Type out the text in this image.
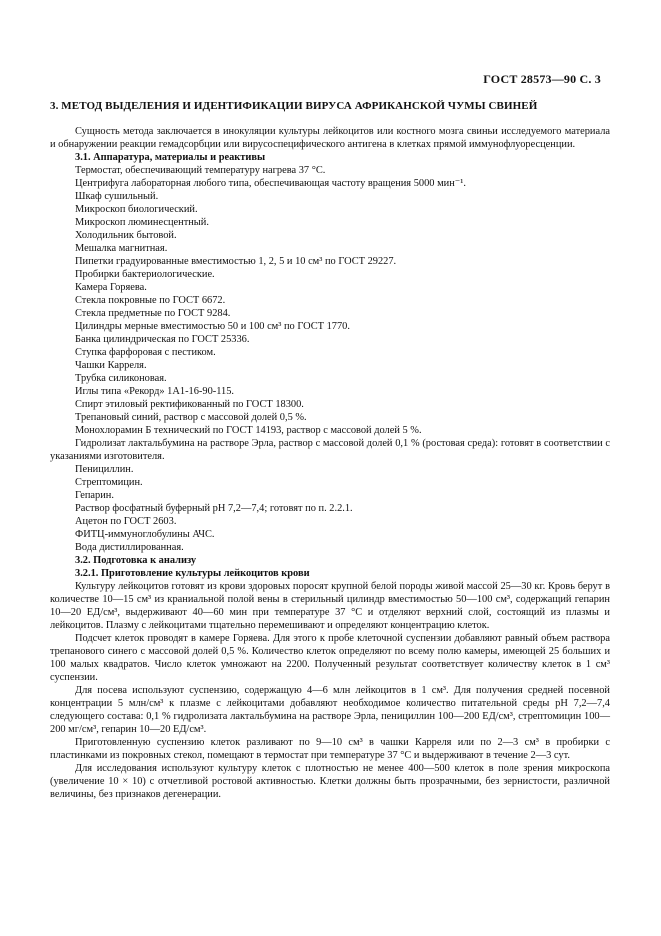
ГОСТ 28573—90 С. 3
3. МЕТОД ВЫДЕЛЕНИЯ И ИДЕНТИФИКАЦИИ ВИРУСА АФРИКАНСКОЙ ЧУМЫ СВИНЕЙ

Сущность метода заключается в инокуляции культуры лейкоцитов или костного мозга свиньи исследуемого материала и обнаружении реакции гемадсорбции или вирусоспецифического антигена в клетках прямой иммунофлуоресценции.

3.1. Аппаратура, материалы и реактивы

Термостат, обеспечивающий температуру нагрева 37 °С.

Центрифуга лабораторная любого типа, обеспечивающая частоту вращения 5000 мин⁻¹.

Шкаф сушильный.

Микроскоп биологический.

Микроскоп люминесцентный.

Холодильник бытовой.

Мешалка магнитная.

Пипетки градуированные вместимостью 1, 2, 5 и 10 см³ по ГОСТ 29227.

Пробирки бактериологические.

Камера Горяева.

Стекла покровные по ГОСТ 6672.

Стекла предметные по ГОСТ 9284.

Цилиндры мерные вместимостью 50 и 100 см³ по ГОСТ 1770.

Банка цилиндрическая по ГОСТ 25336.

Ступка фарфоровая с пестиком.

Чашки Карреля.

Трубка силиконовая.

Иглы типа «Рекорд» 1А1-16-90-115.

Спирт этиловый ректификованный по ГОСТ 18300.

Трепановый синий, раствор с массовой долей 0,5 %.

Монохлорамин Б технический по ГОСТ 14193, раствор с массовой долей 5 %.

Гидролизат лактальбумина на растворе Эрла, раствор с массовой долей 0,1 % (ростовая среда): готовят в соответствии с указаниями изготовителя.

Пенициллин.

Стрептомицин.

Гепарин.

Раствор фосфатный буферный pH 7,2—7,4; готовят по п. 2.2.1.

Ацетон по ГОСТ 2603.

ФИТЦ-иммуноглобулины АЧС.

Вода дистиллированная.

3.2. Подготовка к анализу

3.2.1. Приготовление культуры лейкоцитов крови

Культуру лейкоцитов готовят из крови здоровых поросят крупной белой породы живой массой 25—30 кг. Кровь берут в количестве 10—15 см³ из краниальной полой вены в стерильный цилиндр вместимостью 50—100 см³, содержащий гепарин 10—20 ЕД/см³, выдерживают 40—60 мин при температуре 37 °С и отделяют верхний слой, состоящий из плазмы и лейкоцитов. Плазму с лейкоцитами тщательно перемешивают и определяют концентрацию клеток.

Подсчет клеток проводят в камере Горяева. Для этого к пробе клеточной суспензии добавляют равный объем раствора трепанового синего с массовой долей 0,5 %. Количество клеток определяют по всему полю камеры, имеющей 25 больших и 100 малых квадратов. Число клеток умножают на 2200. Полученный результат соответствует количеству клеток в 1 см³ суспензии.

Для посева используют суспензию, содержащую 4—6 млн лейкоцитов в 1 см³. Для получения средней посевной концентрации 5 млн/см³ к плазме с лейкоцитами добавляют необходимое количество питательной среды pH 7,2—7,4 следующего состава: 0,1 % гидролизата лактальбумина на растворе Эрла, пенициллин 100—200 ЕД/см³, стрептомицин 100—200 мг/см³, гепарин 10—20 ЕД/см³.

Приготовленную суспензию клеток разливают по 9—10 см³ в чашки Карреля или по 2—3 см³ в пробирки с пластинками из покровных стекол, помещают в термостат при температуре 37 °С и выдерживают в течение 2—3 сут.

Для исследования используют культуру клеток с плотностью не менее 400—500 клеток в поле зрения микроскопа (увеличение 10 × 10) с отчетливой ростовой активностью. Клетки должны быть прозрачными, без зернистости, различной величины, без признаков дегенерации.
